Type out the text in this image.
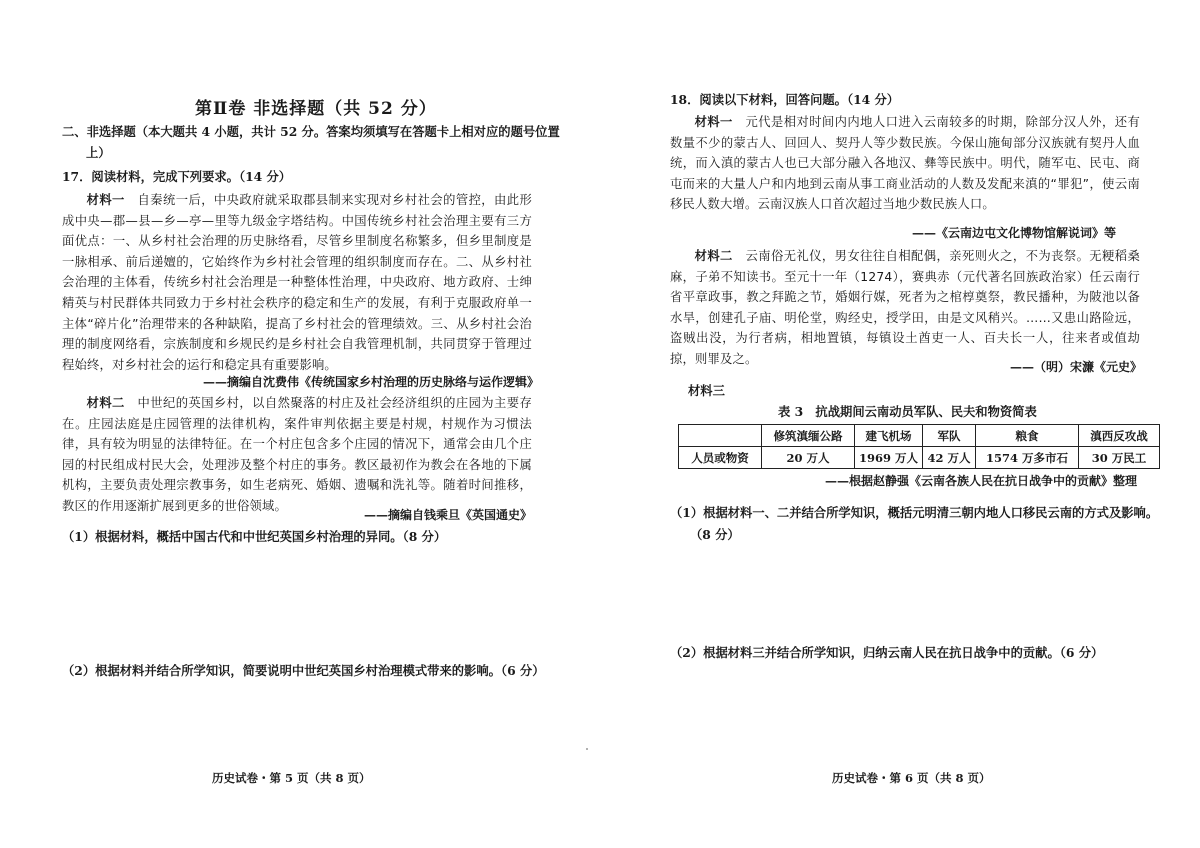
第Ⅱ卷 非选择题（共 52 分）
二、非选择题（本大题共 4 小题，共计 52 分。答案均须填写在答题卡上相对应的题号位置
上）
17．阅读材料，完成下列要求。（14 分）
材料一  自秦统一后，中央政府就采取郡县制来实现对乡村社会的管控，由此形成中央—郡—县—乡—亭—里等九级金字塔结构。中国传统乡村社会治理主要有三方面优点：一、从乡村社会治理的历史脉络看，尽管乡里制度名称繁多，但乡里制度是一脉相承、前后递嬗的，它始终作为乡村社会管理的组织制度而存在。二、从乡村社会治理的主体看，传统乡村社会治理是一种整体性治理，中央政府、地方政府、士绅精英与村民群体共同致力于乡村社会秩序的稳定和生产的发展，有利于克服政府单一主体“碎片化”治理带来的各种缺陷，提高了乡村社会的管理绩效。三、从乡村社会治理的制度网络看，宗族制度和乡规民约是乡村社会自我管理机制，共同贯穿于管理过程始终，对乡村社会的运行和稳定具有重要影响。
——摘编自沈费伟《传统国家乡村治理的历史脉络与运作逻辑》
材料二  中世纪的英国乡村，以自然聚落的村庄及社会经济组织的庄园为主要存在。庄园法庭是庄园管理的法律机构，案件审判依据主要是村规，村规作为习惯法律，具有较为明显的法律特征。在一个村庄包含多个庄园的情况下，通常会由几个庄园的村民组成村民大会，处理涉及整个村庄的事务。教区最初作为教会在各地的下属机构，主要负责处理宗教事务，如生老病死、婚姻、遗嘱和洗礼等。随着时间推移，教区的作用逐渐扩展到更多的世俗领域。
——摘编自钱乘旦《英国通史》
（1）根据材料，概括中国古代和中世纪英国乡村治理的异同。（8 分）
（2）根据材料并结合所学知识，简要说明中世纪英国乡村治理模式带来的影响。（6 分）
历史试卷・第 5 页（共 8 页）
18．阅读以下材料，回答问题。（14 分）
材料一  元代是相对时间内内地人口进入云南较多的时期，除部分汉人外，还有数量不少的蒙古人、回回人、契丹人等少数民族。今保山施甸部分汉族就有契丹人血统，而入滇的蒙古人也已大部分融入各地汉、彝等民族中。明代，随军屯、民屯、商屯而来的大量人户和内地到云南从事工商业活动的人数及发配来滇的“罪犯”，使云南移民人数大增。云南汉族人口首次超过当地少数民族人口。
——《云南边屯文化博物馆解说词》等
材料二  云南俗无礼仪，男女往往自相配偶，亲死则火之，不为丧祭。无粳稻桑麻，子弟不知读书。至元十一年（1274），赛典赤（元代著名回族政治家）任云南行省平章政事，教之拜跪之节，婚姻行媒，死者为之棺椁奠祭，教民播种，为陂池以备水旱，创建孔子庙、明伦堂，购经史，授学田，由是文风稍兴。……又患山路险远，盗贼出没，为行者病，相地置镇，每镇设土酋吏一人、百夫长一人，往来者或值劫掠，则罪及之。
——（明）宋濂《元史》
材料三
表 3　抗战期间云南动员军队、民夫和物资简表
	修筑滇缅公路	建飞机场	军队	粮食	滇西反攻战
人员或物资	20 万人	1969 万人	42 万人	1574 万多市石	30 万民工
——根据赵静强《云南各族人民在抗日战争中的贡献》整理
（1）根据材料一、二并结合所学知识，概括元明清三朝内地人口移民云南的方式及影响。
（8 分）
（2）根据材料三并结合所学知识，归纳云南人民在抗日战争中的贡献。（6 分）
历史试卷・第 6 页（共 8 页）
